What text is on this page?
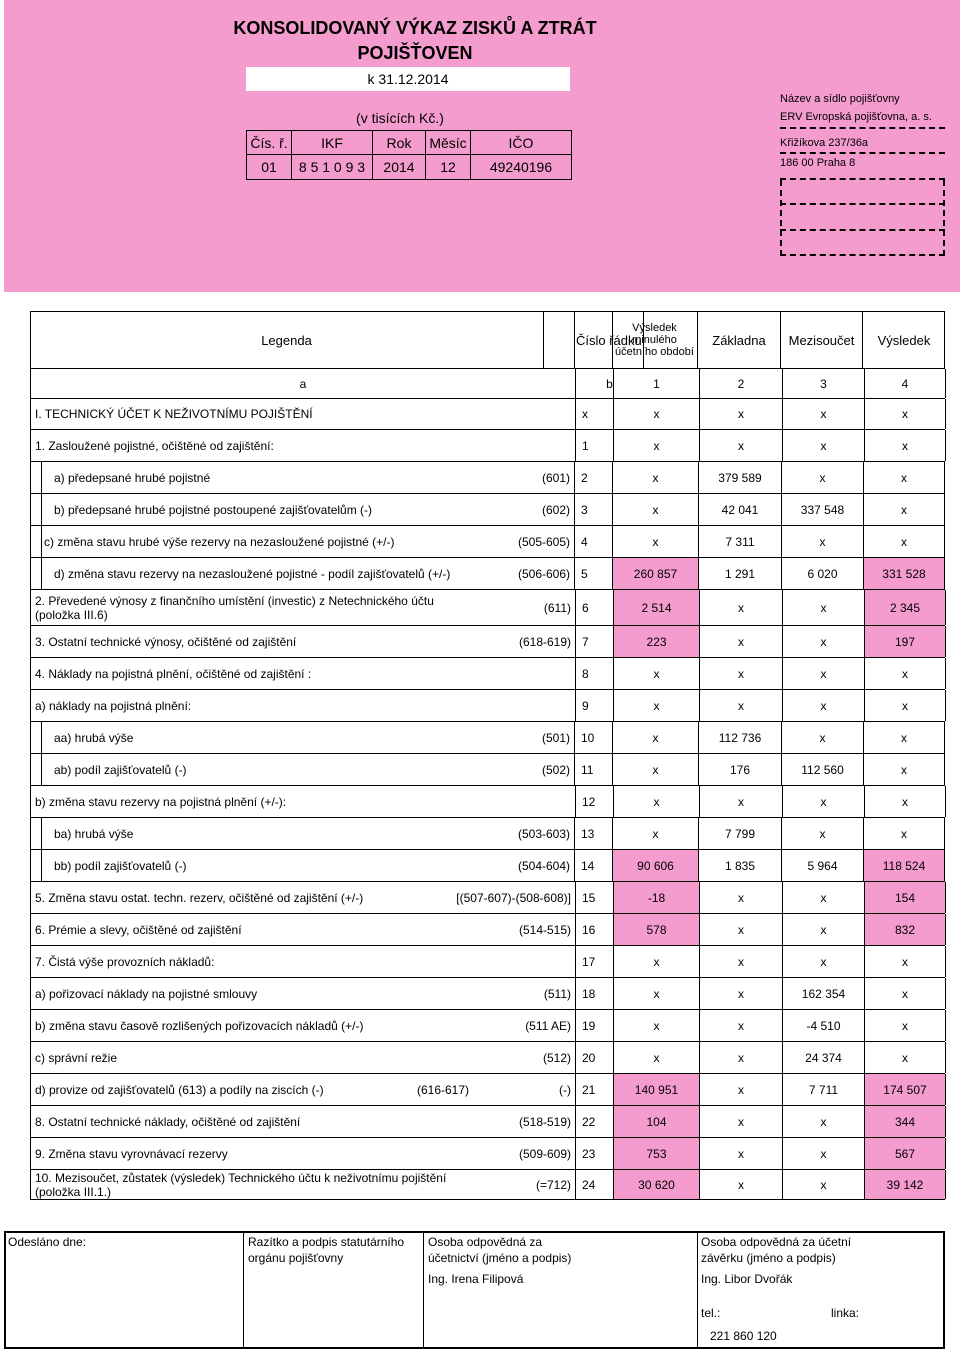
KONSOLIDOVANÝ VÝKAZ ZISKŮ A ZTRÁT
POJIŠŤOVEN
k 31.12.2014
(v tisících Kč.)
Čís. ř.	IKF	Rok	Měsíc	IČO
01	8 5 1 0 9 3	2014	12	49240196
Název a sídlo pojišťovny
ERV Evropská pojišťovna, a. s.
Křižíkova 237/36a
186 00 Praha 8
Legenda	Číslo řádku
Výsledek minulého účetního období
Základna	Mezisoučet	Výsledek
a	b	1	2	3	4
I. TECHNICKÝ ÚČET K NEŽIVOTNÍMU POJIŠTĚNÍ	x	x	x	x	x
1. Zasloužené pojistné, očištěné od zajištění:	1	x	x	x	x
a) předepsané hrubé pojistné	(601) 2	x	379 589	x	x
b) předepsané hrubé pojistné postoupené zajišťovatelům (-)	(602) 3	x	42 041	337 548	x
c) změna stavu hrubé výše rezervy na nezasloužené pojistné (+/-)	(505-605) 4	x	7 311	x	x
d) změna stavu rezervy na nezasloužené pojistné - podíl zajišťovatelů (+/-)	(506-606) 5	260 857	1 291	6 020	331 528
2. Převedené výnosy z finančního umístění (investic) z Netechnického účtu (položka III.6)	(611) 6	2 514	x	x	2 345
3. Ostatní technické výnosy, očištěné od zajištění	(618-619) 7	223	x	x	197
4. Náklady na pojistná plnění, očištěné od zajištění :	8	x	x	x	x
a) náklady na pojistná plnění:	9	x	x	x	x
aa) hrubá výše	(501) 10	x	112 736	x	x
ab) podíl zajišťovatelů (-)	(502) 11	x	176	112 560	x
b) změna stavu rezervy na pojistná plnění (+/-):	12	x	x	x	x
ba) hrubá výše	(503-603) 13	x	7 799	x	x
bb) podíl zajišťovatelů (-)	(504-604) 14	90 606	1 835	5 964	118 524
5. Změna stavu ostat. techn. rezerv, očištěné od zajištění (+/-)	[(507-607)-(508-608)] 15	-18	x	x	154
6. Prémie a slevy, očištěné od zajištění	(514-515) 16	578	x	x	832
7. Čistá výše provozních nákladů:	17	x	x	x	x
a) pořizovací náklady na pojistné smlouvy	(511) 18	x	x	162 354	x
b) změna stavu časově rozlišených pořizovacích nákladů (+/-)	(511 AE) 19	x	x	-4 510	x
c) správní režie	(512) 20	x	x	24 374	x
d) provize od zajišťovatelů (613) a podíly na ziscích (-)	(616-617)	(-) 21	140 951	x	7 711	174 507
8. Ostatní technické náklady, očištěné od zajištění	(518-519) 22	104	x	x	344
9. Změna stavu vyrovnávací rezervy	(509-609) 23	753	x	x	567
10. Mezisoučet, zůstatek (výsledek) Technického účtu k neživotnímu pojištění (položka III.1.)	(=712) 24	30 620	x	x	39 142
Odesláno dne:	Razítko a podpis statutárního
orgánu pojišťovny
Osoba odpovědná za
účetnictví (jméno a podpis)
Ing. Irena Filipová
Osoba odpovědná za účetní
závěrku (jméno a podpis)
Ing. Libor Dvořák
tel.:	linka:
221 860 120
